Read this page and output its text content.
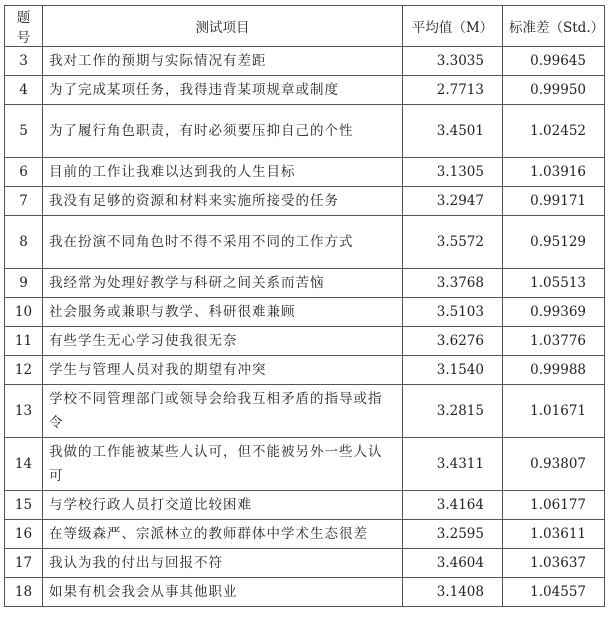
题号	测试项目	平均值（M）	标准差（Std.）
3	我对工作的预期与实际情况有差距	3.3035	0.99645
4	为了完成某项任务，我得违背某项规章或制度	2.7713	0.99950
5	为了履行角色职责，有时必须要压抑自己的个性	3.4501	1.02452
6	目前的工作让我难以达到我的人生目标	3.1305	1.03916
7	我没有足够的资源和材料来实施所接受的任务	3.2947	0.99171
8	我在扮演不同角色时不得不采用不同的工作方式	3.5572	0.95129
9	我经常为处理好教学与科研之间关系而苦恼	3.3768	1.05513
10	社会服务或兼职与教学、科研很难兼顾	3.5103	0.99369
11	有些学生无心学习使我很无奈	3.6276	1.03776
12	学生与管理人员对我的期望有冲突	3.1540	0.99988
13	学校不同管理部门或领导会给我互相矛盾的指导或指令	3.2815	1.01671
14	我做的工作能被某些人认可，但不能被另外一些人认可	3.4311	0.93807
15	与学校行政人员打交道比较困难	3.4164	1.06177
16	在等级森严、宗派林立的教师群体中学术生态很差	3.2595	1.03611
17	我认为我的付出与回报不符	3.4604	1.03637
18	如果有机会我会从事其他职业	3.1408	1.04557
